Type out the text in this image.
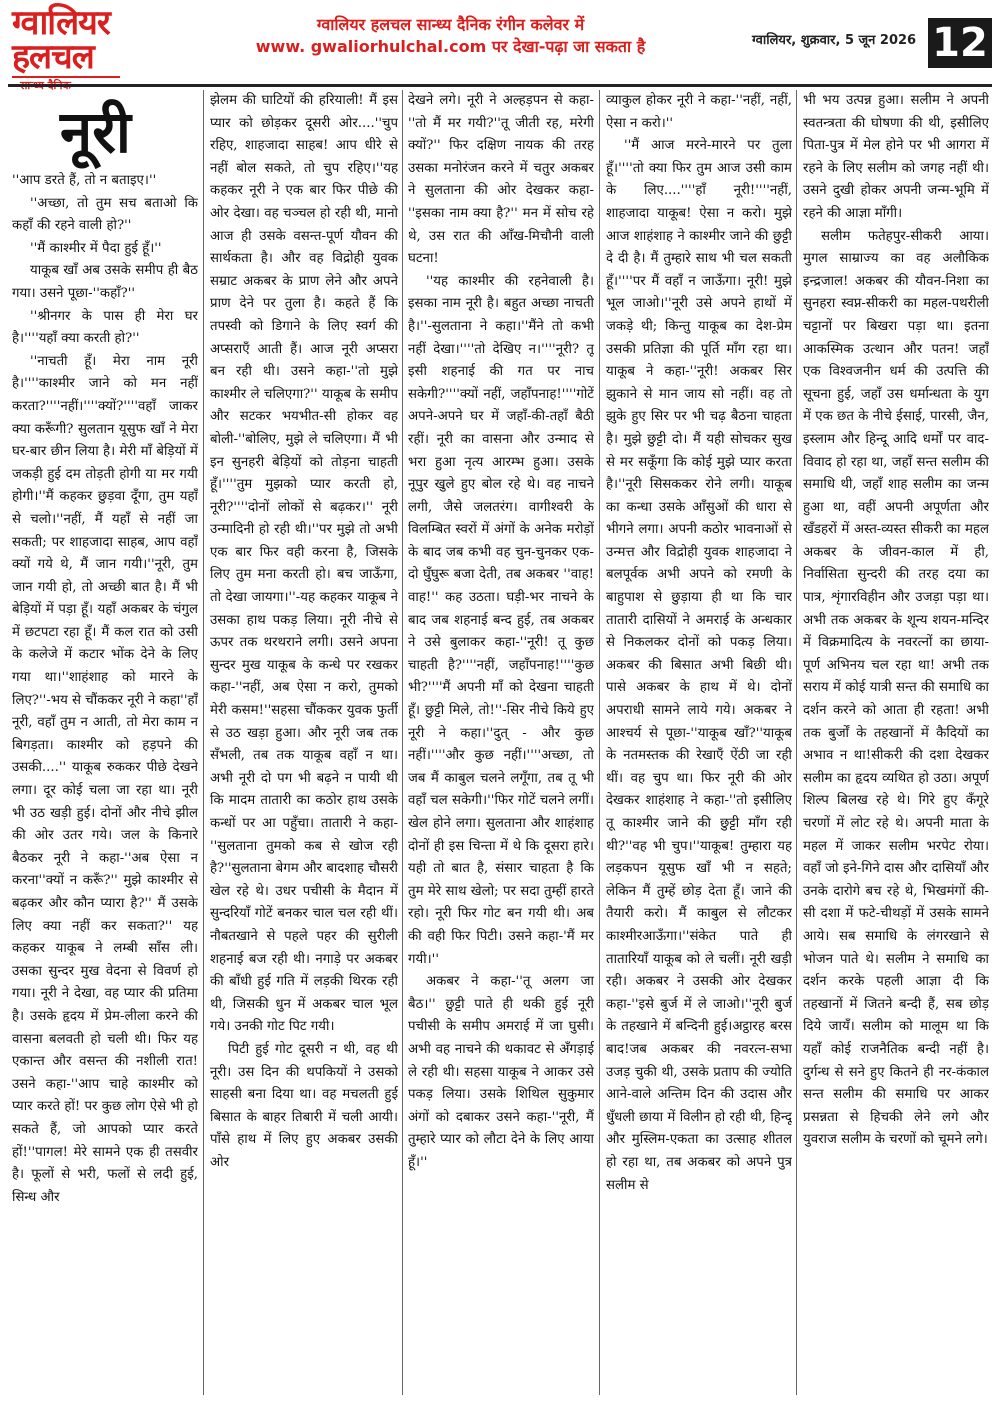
ग्वालियर
हलचल
ग्वालियर हलचल सान्ध्य दैनिक रंगीन कलेवर में
www. gwaliorhulchal.com पर देखा-पढ़ा जा सकता है	ग्वालियर, शुक्रवार, 5 जून 2026 12
नूरी

''आप डरते हैं, तो न बताइए।''

''अच्छा, तो तुम सच बताओ कि कहाँ की रहने वाली हो?''

''मैं काश्मीर में पैदा हुई हूँ।''

याकूब खाँ अब उसके समीप ही बैठ गया। उसने पूछा-''कहाँ?''

''श्रीनगर के पास ही मेरा घर है।''''यहाँ क्या करती हो?''

''नाचती हूँ। मेरा नाम नूरी है।''''काश्मीर जाने को मन नहीं करता?''''नहीं।''''क्यों?''''वहाँ जाकर क्या करूँगी? सुलतान यूसुफ खाँ ने मेरा घर-बार छीन लिया है। मेरी माँ बेड़ियों में जकड़ी हुई दम तोड़ती होगी या मर गयी होगी।''मैं कहकर छुड़वा दूँगा, तुम यहाँ से चलो।''नहीं, मैं यहाँ से नहीं जा सकती; पर शाहजादा साहब, आप वहाँ क्यों गये थे, मैं जान गयी।''नूरी, तुम जान गयी हो, तो अच्छी बात है। मैं भी बेड़ियों में पड़ा हूँ। यहाँ अकबर के चंगुल में छटपटा रहा हूँ। मैं कल रात को उसी के कलेजे में कटार भोंक देने के लिए गया था।''शाहंशाह को मारने के लिए?''-भय से चौंककर नूरी ने कहा''हाँ नूरी, वहाँ तुम न आती, तो मेरा काम न बिगड़ता। काश्मीर को हड़पने की उसकी....'' याकूब रुककर पीछे देखने लगा। दूर कोई चला जा रहा था। नूरी भी उठ खड़ी हुई। दोनों और नीचे झील की ओर उतर गये। जल के किनारे बैठकर नूरी ने कहा-''अब ऐसा न करना''क्यों न करूँ?'' मुझे काश्मीर से बढ़कर और कौन प्यारा है?'' मैं उसके लिए क्या नहीं कर सकता?'' यह कहकर याकूब ने लम्बी साँस ली। उसका सुन्दर मुख वेदना से विवर्ण हो गया। नूरी ने देखा, वह प्यार की प्रतिमा है। उसके हृदय में प्रेम-लीला करने की वासना बलवती हो चली थी। फिर यह एकान्त और वसन्त की नशीली रात! उसने कहा-''आप चाहे काश्मीर को प्यार करते हों! पर कुछ लोग ऐसे भी हो सकते हैं, जो आपको प्यार करते हों!''पागल! मेरे सामने एक ही तसवीर है। फूलों से भरी, फलों से लदी हुई, सिन्ध और

झेलम की घाटियों की हरियाली! मैं इस प्यार को छोड़कर दूसरी ओर....''चुप रहिए, शाहजादा साहब! आप धीरे से नहीं बोल सकते, तो चुप रहिए।''यह कहकर नूरी ने एक बार फिर पीछे की ओर देखा। वह चञ्चल हो रही थी, मानो आज ही उसके वसन्त-पूर्ण यौवन की सार्थकता है। और वह विद्रोही युवक सम्राट अकबर के प्राण लेने और अपने प्राण देने पर तुला है। कहते हैं कि तपस्वी को डिगाने के लिए स्वर्ग की अप्सराएँ आती हैं। आज नूरी अप्सरा बन रही थी। उसने कहा-''तो मुझे काश्मीर ले चलिएगा?'' याकूब के समीप और सटकर भयभीत-सी होकर वह बोली-''बोलिए, मुझे ले चलिएगा। मैं भी इन सुनहरी बेड़ियों को तोड़ना चाहती हूँ।''''तुम मुझको प्यार करती हो, नूरी?''''दोनों लोकों से बढ़कर।'' नूरी उन्मादिनी हो रही थी।''पर मुझे तो अभी एक बार फिर वही करना है, जिसके लिए तुम मना करती हो। बच जाऊँगा, तो देखा जायगा।''-यह कहकर याकूब ने उसका हाथ पकड़ लिया। नूरी नीचे से ऊपर तक थरथराने लगी। उसने अपना सुन्दर मुख याकूब के कन्धे पर रखकर कहा-''नहीं, अब ऐसा न करो, तुमको मेरी कसम!''सहसा चौंककर युवक फुर्ती से उठ खड़ा हुआ। और नूरी जब तक सँभली, तब तक याकूब वहाँ न था। अभी नूरी दो पग भी बढ़ने न पायी थी कि मादम तातारी का कठोर हाथ उसके कन्धों पर आ पहुँचा। तातारी ने कहा-''सुलताना तुमको कब से खोज रही है?''सुलताना बेगम और बादशाह चौसरी खेल रहे थे। उधर पचीसी के मैदान में सुन्दरियाँ गोटें बनकर चाल चल रही थीं। नौबतखाने से पहले पहर की सुरीली शहनाई बज रही थी। नगाड़े पर अकबर की बाँधी हुई गति में लड़की थिरक रही थी, जिसकी धुन में अकबर चाल भूल गये। उनकी गोट पिट गयी।

पिटी हुई गोट दूसरी न थी, वह थी नूरी। उस दिन की थपकियों ने उसको साहसी बना दिया था। वह मचलती हुई बिसात के बाहर तिबारी में चली आयी। पाँसे हाथ में लिए हुए अकबर उसकी ओर

देखने लगे। नूरी ने अल्हड़पन से कहा-''तो मैं मर गयी?''तू जीती रह, मरेगी क्यों?'' फिर दक्षिण नायक की तरह उसका मनोरंजन करने में चतुर अकबर ने सुलताना की ओर देखकर कहा-''इसका नाम क्या है?'' मन में सोच रहे थे, उस रात की आँख-मिचौनी वाली घटना!

''यह काश्मीर की रहनेवाली है। इसका नाम नूरी है। बहुत अच्छा नाचती है।''-सुलताना ने कहा।''मैंने तो कभी नहीं देखा।''''तो देखिए न।''''नूरी? तू इसी शहनाई की गत पर नाच सकेगी?''''क्यों नहीं, जहाँपनाह!''''गोटें अपने-अपने घर में जहाँ-की-तहाँ बैठी रहीं। नूरी का वासना और उन्माद से भरा हुआ नृत्य आरम्भ हुआ। उसके नूपुर खुले हुए बोल रहे थे। वह नाचने लगी, जैसे जलतरंग। वागीश्वरी के विलम्बित स्वरों में अंगों के अनेक मरोड़ों के बाद जब कभी वह चुन-चुनकर एक-दो घुँघुरू बजा देती, तब अकबर ''वाह! वाह!'' कह उठता। घड़ी-भर नाचने के बाद जब शहनाई बन्द हुई, तब अकबर ने उसे बुलाकर कहा-''नूरी! तू कुछ चाहती है?''''नहीं, जहाँपनाह!''''कुछ भी?''''मैं अपनी माँ को देखना चाहती हूँ। छुट्टी मिले, तो!''-सिर नीचे किये हुए नूरी ने कहा।''दुत् - और कुछ नहीं।''''और कुछ नहीं।''''अच्छा, तो जब मैं काबुल चलने लगूँगा, तब तू भी वहाँ चल सकेगी।''फिर गोटें चलने लगीं। खेल होने लगा। सुलताना और शाहंशाह दोनों ही इस चिन्ता में थे कि दूसरा हारे। यही तो बात है, संसार चाहता है कि तुम मेरे साथ खेलो; पर सदा तुम्हीं हारते रहो। नूरी फिर गोट बन गयी थी। अब की वही फिर पिटी। उसने कहा-'मैं मर गयी।''

अकबर ने कहा-''तू अलग जा बैठ।'' छुट्टी पाते ही थकी हुई नूरी पचीसी के समीप अमराई में जा घुसी। अभी वह नाचने की थकावट से अँगड़ाई ले रही थी। सहसा याकूब ने आकर उसे पकड़ लिया। उसके शिथिल सुकुमार अंगों को दबाकर उसने कहा-''नूरी, मैं तुम्हारे प्यार को लौटा देने के लिए आया हूँ।''

व्याकुल होकर नूरी ने कहा-''नहीं, नहीं, ऐसा न करो।''

''मैं आज मरने-मारने पर तुला हूँ।''''तो क्या फिर तुम आज उसी काम के लिए....''''हाँ नूरी!''''नहीं, शाहजादा याकूब! ऐसा न करो। मुझे आज शाहंशाह ने काश्मीर जाने की छुट्टी दे दी है। मैं तुम्हारे साथ भी चल सकती हूँ।''''पर मैं वहाँ न जाऊँगा। नूरी! मुझे भूल जाओ।''नूरी उसे अपने हाथों में जकड़े थी; किन्तु याकूब का देश-प्रेम उसकी प्रतिज्ञा की पूर्ति माँग रहा था। याकूब ने कहा-''नूरी! अकबर सिर झुकाने से मान जाय सो नहीं। वह तो झुके हुए सिर पर भी चढ़ बैठना चाहता है। मुझे छुट्टी दो। मैं यही सोचकर सुख से मर सकूँगा कि कोई मुझे प्यार करता है।''नूरी सिसककर रोने लगी। याकूब का कन्धा उसके आँसुओं की धारा से भीगने लगा। अपनी कठोर भावनाओं से उन्मत्त और विद्रोही युवक शाहजादा ने बलपूर्वक अभी अपने को रमणी के बाहुपाश से छुड़ाया ही था कि चार तातारी दासियों ने अमराई के अन्धकार से निकलकर दोनों को पकड़ लिया।अकबर की बिसात अभी बिछी थी। पासे अकबर के हाथ में थे। दोनों अपराधी सामने लाये गये। अकबर ने आश्चर्य से पूछा-''याकूब खाँ?''याकूब के नतमस्तक की रेखाएँ ऐंठी जा रही थीं। वह चुप था। फिर नूरी की ओर देखकर शाहंशाह ने कहा-''तो इसीलिए तू काश्मीर जाने की छुट्टी माँग रही थी?''वह भी चुप।''याकूब! तुम्हारा यह लड़कपन यूसुफ खाँ भी न सहते; लेकिन मैं तुम्हें छोड़ देता हूँ। जाने की तैयारी करो। मैं काबुल से लौटकर काश्मीरआऊँगा।''संकेत पाते ही तातारियाँ याकूब को ले चलीं। नूरी खड़ी रही। अकबर ने उसकी ओर देखकर कहा-''इसे बुर्ज में ले जाओ।''नूरी बुर्ज के तहखाने में बन्दिनी हुई।अट्ठारह बरस बाद!जब अकबर की नवरत्न-सभा उजड़ चुकी थी, उसके प्रताप की ज्योति आने-वाले अन्तिम दिन की उदास और धुँधली छाया में विलीन हो रही थी, हिन्दू और मुस्लिम-एकता का उत्साह शीतल हो रहा था, तब अकबर को अपने पुत्र सलीम से

भी भय उत्पन्न हुआ। सलीम ने अपनी स्वतन्त्रता की घोषणा की थी, इसीलिए पिता-पुत्र में मेल होने पर भी आगरा में रहने के लिए सलीम को जगह नहीं थी। उसने दुखी होकर अपनी जन्म-भूमि में रहने की आज्ञा माँगी।

सलीम फतेहपुर-सीकरी आया। मुगल साम्राज्य का वह अलौकिक इन्द्रजाल! अकबर की यौवन-निशा का सुनहरा स्वप्न-सीकरी का महल-पथरीली चट्टानों पर बिखरा पड़ा था। इतना आकस्मिक उत्थान और पतन! जहाँ एक विश्वजनीन धर्म की उत्पत्ति की सूचना हुई, जहाँ उस धर्मान्धता के युग में एक छत के नीचे ईसाई, पारसी, जैन, इस्लाम और हिन्दू आदि धर्मों पर वाद-विवाद हो रहा था, जहाँ सन्त सलीम की समाधि थी, जहाँ शाह सलीम का जन्म हुआ था, वहीं अपनी अपूर्णता और खँडहरों में अस्त-व्यस्त सीकरी का महल अकबर के जीवन-काल में ही, निर्वासिता सुन्दरी की तरह दया का पात्र, शृंगारविहीन और उजड़ा पड़ा था। अभी तक अकबर के शून्य शयन-मन्दिर में विक्रमादित्य के नवरत्नों का छाया-पूर्ण अभिनय चल रहा था! अभी तक सराय में कोई यात्री सन्त की समाधि का दर्शन करने को आता ही रहता! अभी तक बुर्जों के तहखानों में कैदियों का अभाव न था!सीकरी की दशा देखकर सलीम का हृदय व्यथित हो उठा। अपूर्ण शिल्प बिलख रहे थे। गिरे हुए कँगूरे चरणों में लोट रहे थे। अपनी माता के महल में जाकर सलीम भरपेट रोया। वहाँ जो इने-गिने दास और दासियाँ और उनके दारोगे बच रहे थे, भिखमंगों की-सी दशा में फटे-चीथड़ों में उसके सामने आये। सब समाधि के लंगरखाने से भोजन पाते थे। सलीम ने समाधि का दर्शन करके पहली आज्ञा दी कि तहखानों में जितने बन्दी हैं, सब छोड़ दिये जायँ। सलीम को मालूम था कि यहाँ कोई राजनैतिक बन्दी नहीं है। दुर्गन्ध से सने हुए कितने ही नर-कंकाल सन्त सलीम की समाधि पर आकर प्रसन्नता से हिचकी लेने लगे और युवराज सलीम के चरणों को चूमने लगे।
